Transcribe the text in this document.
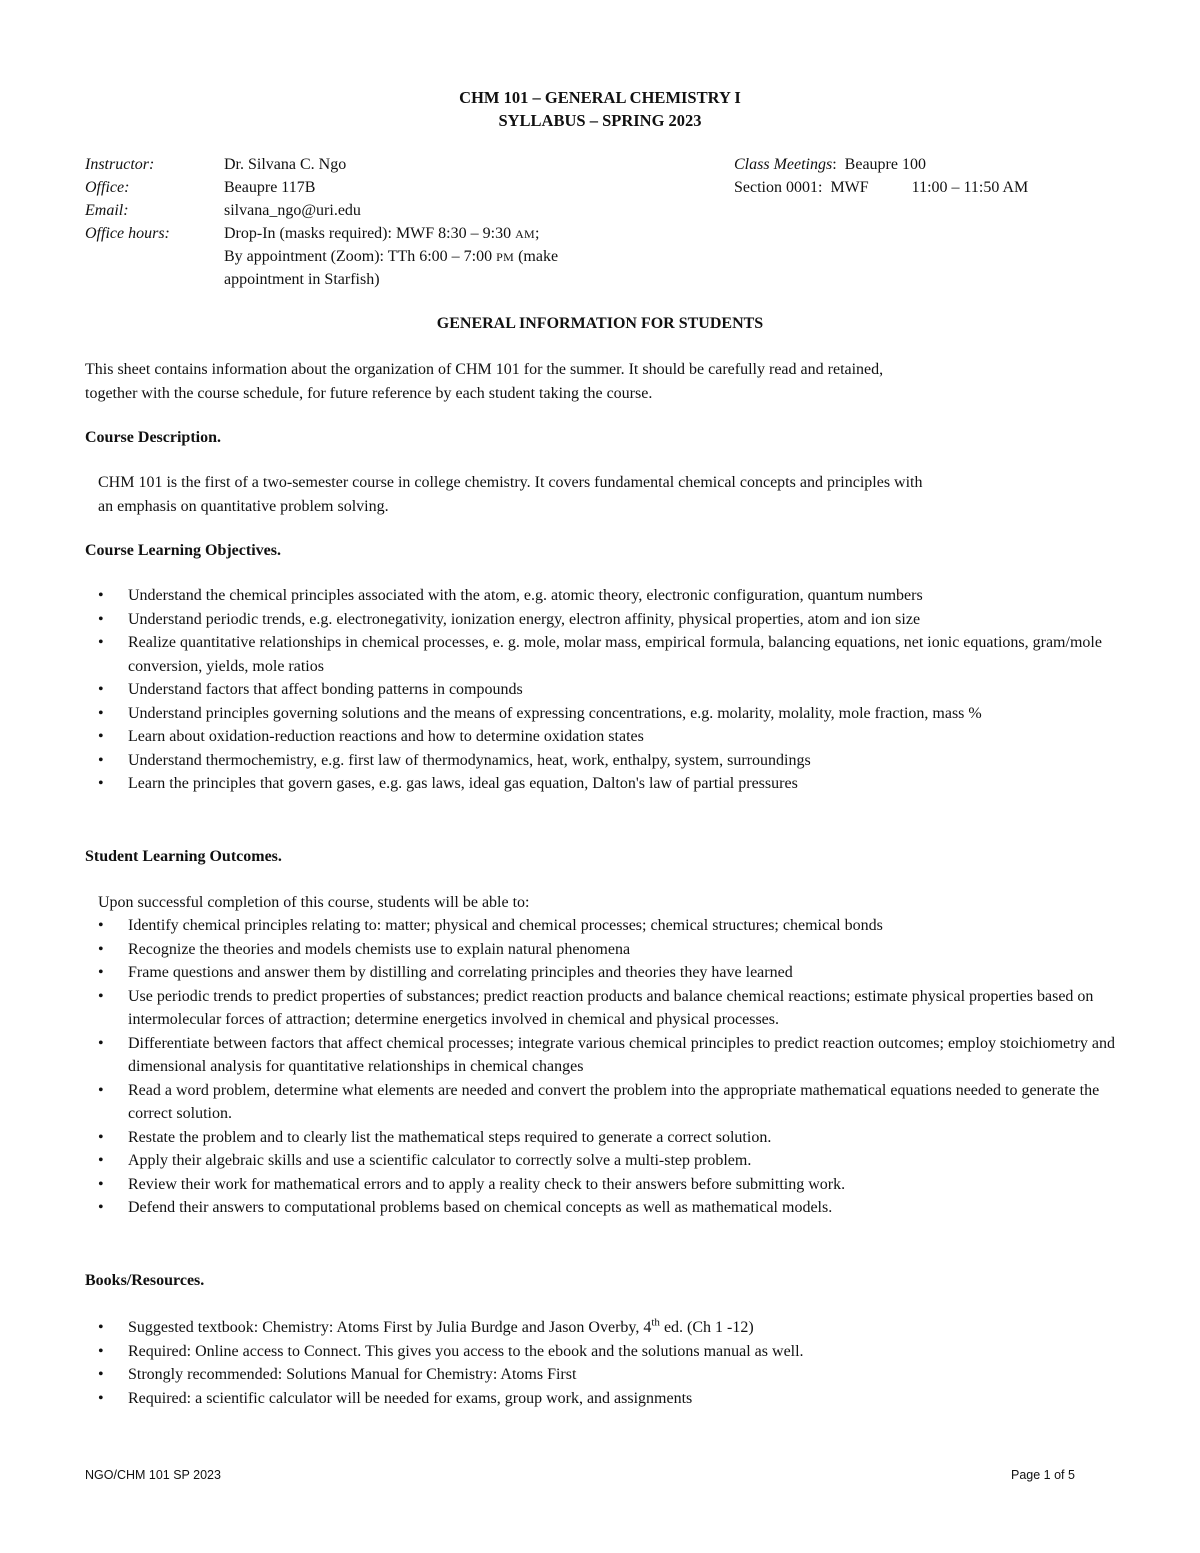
CHM 101 – GENERAL CHEMISTRY I
SYLLABUS – SPRING 2023
Instructor:	Dr. Silvana C. Ngo	Class Meetings:  Beaupre 100
Office:	Beaupre 117B	Section 0001:  MWF	11:00 – 11:50 AM
Email:	silvana_ngo@uri.edu
Office hours:	Drop-In (masks required): MWF 8:30 – 9:30 AM;
By appointment (Zoom): TTh 6:00 – 7:00 PM (make
appointment in Starfish)
GENERAL INFORMATION FOR STUDENTS
This sheet contains information about the organization of CHM 101 for the summer. It should be carefully read and retained,
together with the course schedule, for future reference by each student taking the course.
Course Description.
CHM 101 is the first of a two-semester course in college chemistry. It covers fundamental chemical concepts and principles with
an emphasis on quantitative problem solving.
Course Learning Objectives.
• Understand the chemical principles associated with the atom, e.g. atomic theory, electronic configuration, quantum numbers
• Understand periodic trends, e.g. electronegativity, ionization energy, electron affinity, physical properties, atom and ion size
• Realize quantitative relationships in chemical processes, e. g. mole, molar mass, empirical formula, balancing equations, net ionic equations, gram/mole conversion, yields, mole ratios
• Understand factors that affect bonding patterns in compounds
• Understand principles governing solutions and the means of expressing concentrations, e.g. molarity, molality, mole fraction, mass %
• Learn about oxidation-reduction reactions and how to determine oxidation states
• Understand thermochemistry, e.g. first law of thermodynamics, heat, work, enthalpy, system, surroundings
• Learn the principles that govern gases, e.g. gas laws, ideal gas equation, Dalton's law of partial pressures
Student Learning Outcomes.
Upon successful completion of this course, students will be able to:
• Identify chemical principles relating to: matter; physical and chemical processes; chemical structures; chemical bonds
• Recognize the theories and models chemists use to explain natural phenomena
• Frame questions and answer them by distilling and correlating principles and theories they have learned
• Use periodic trends to predict properties of substances; predict reaction products and balance chemical reactions; estimate physical properties based on intermolecular forces of attraction; determine energetics involved in chemical and physical processes.
• Differentiate between factors that affect chemical processes; integrate various chemical principles to predict reaction outcomes; employ stoichiometry and dimensional analysis for quantitative relationships in chemical changes
• Read a word problem, determine what elements are needed and convert the problem into the appropriate mathematical equations needed to generate the correct solution.
• Restate the problem and to clearly list the mathematical steps required to generate a correct solution.
• Apply their algebraic skills and use a scientific calculator to correctly solve a multi-step problem.
• Review their work for mathematical errors and to apply a reality check to their answers before submitting work.
• Defend their answers to computational problems based on chemical concepts as well as mathematical models.
Books/Resources.
• Suggested textbook: Chemistry: Atoms First by Julia Burdge and Jason Overby, 4th ed. (Ch 1 -12)
• Required: Online access to Connect. This gives you access to the ebook and the solutions manual as well.
• Strongly recommended: Solutions Manual for Chemistry: Atoms First
• Required: a scientific calculator will be needed for exams, group work, and assignments
NGO/CHM 101 SP 2023	Page 1 of 5
